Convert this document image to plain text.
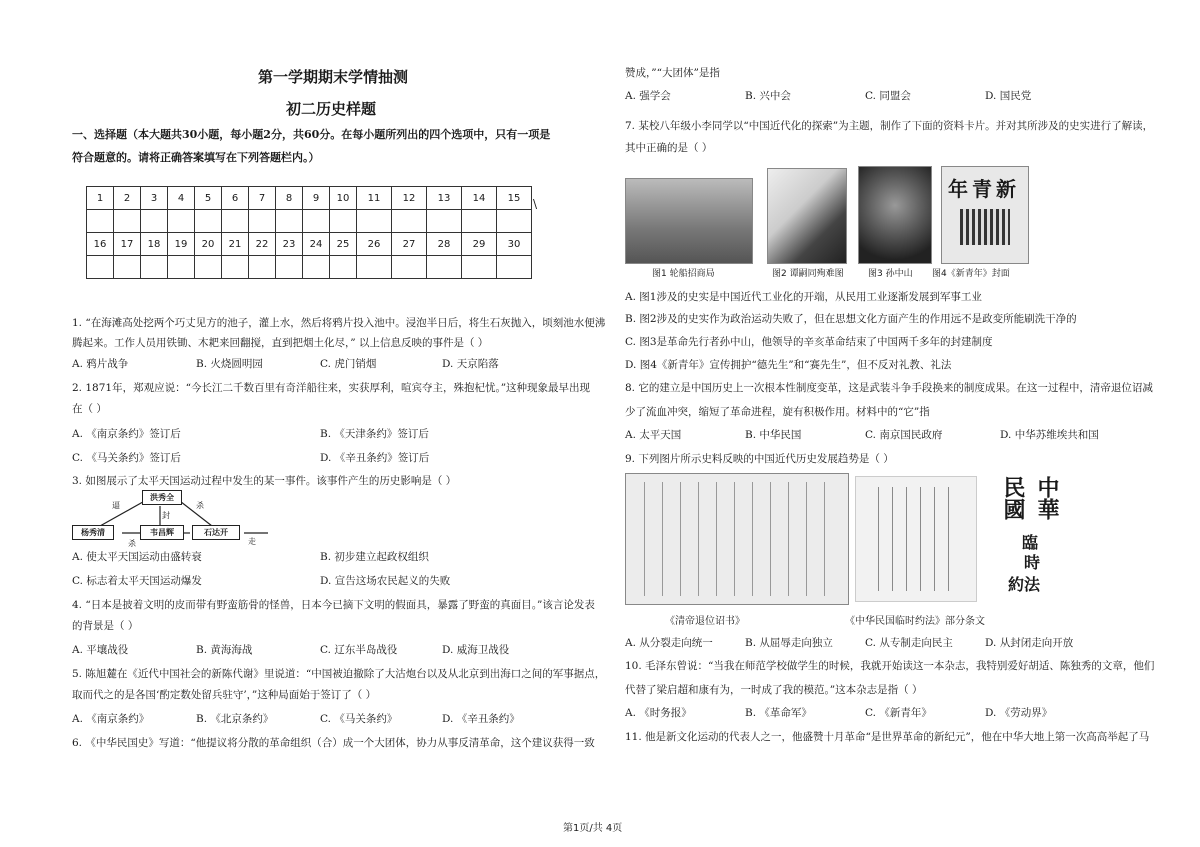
第一学期期末学情抽测
初二历史样题
一、选择题（本大题共30小题，每小题2分，共60分。在每小题所列出的四个选项中，只有一项是
符合题意的。请将正确答案填写在下列答题栏内。）
1	2	3	4	5	6	7	8	9	10	11	12	13	14	15

16	17	18	19	20	21	22	23	24	25	26	27	28	29	30

\
1. “在海滩高处挖两个巧丈见方的池子，灌上水，然后将鸦片投入池中。浸泡半日后，将生石灰抛入，顷刻池水便沸
腾起来。工作人员用铁锄、木耙来回翻搅，直到把烟土化尽，” 以上信息反映的事件是（ ）
A. 鸦片战争	B. 火烧圆明园	C. 虎门销烟	D. 天京陷落
2. 1871年，郑观应说：“今长江二千数百里有奇洋船往来，实获厚利，喧宾夺主，殊抱杞忧。”这种现象最早出现
在（ ）
A. 《南京条约》签订后	B. 《天津条约》签订后
C. 《马关条约》签订后	D. 《辛丑条约》签订后
3. 如图展示了太平天国运动过程中发生的某一事件。该事件产生的历史影响是（ ）
洪秀全
杨秀清	韦昌辉	石达开
逼
封
杀
杀	走
A. 使太平天国运动由盛转衰	B. 初步建立起政权组织
C. 标志着太平天国运动爆发	D. 宣告这场农民起义的失败
4. “日本是披着文明的皮而带有野蛮筋骨的怪兽，日本今已摘下文明的假面具，暴露了野蛮的真面目。”该言论发表
的背景是（ ）
A. 平壤战役	B. 黄海海战	C. 辽东半岛战役	D. 威海卫战役
5. 陈旭麓在《近代中国社会的新陈代谢》里说道：“中国被迫撤除了大沽炮台以及从北京到出海口之间的军事据点，
取而代之的是各国‘酌定数处留兵驻守’，”这种局面始于签订了（ ）
A. 《南京条约》	B. 《北京条约》	C. 《马关条约》	D. 《辛丑条约》
6. 《中华民国史》写道：“他提议将分散的革命组织（合）成一个大团体，协力从事反清革命，这个建议获得一致
赞成，”“大团体”是指
A. 强学会	B. 兴中会	C. 同盟会	D. 国民党
7. 某校八年级小李同学以“中国近代化的探索”为主题，制作了下面的资料卡片。并对其所涉及的史实进行了解读，
其中正确的是（ ）
年青新
图1 轮船招商局	图2 谭嗣同殉难图	图3 孙中山 图4《新青年》封面
A. 图1涉及的史实是中国近代工业化的开端，从民用工业逐渐发展到军事工业
B. 图2涉及的史实作为政治运动失败了，但在思想文化方面产生的作用远不是政变所能刷洗干净的
C. 图3是革命先行者孙中山，他领导的辛亥革命结束了中国两千多年的封建制度
D. 图4《新青年》宣传拥护“德先生”和“赛先生”，但不反对礼教、礼法
8. 它的建立是中国历史上一次根本性制度变革，这是武装斗争手段换来的制度成果。在这一过程中，清帝退位诏减
少了流血冲突，缩短了革命进程，旋有积极作用。材料中的“它”指
A. 太平天国	B. 中华民国	C. 南京国民政府	D. 中华苏维埃共和国
9. 下列图片所示史料反映的中国近代历史发展趋势是（ ）
中華
民國
臨
時
約法
《清帝退位诏书》	《中华民国临时约法》部分条文
A. 从分裂走向统一	B. 从屈辱走向独立	C. 从专制走向民主	D. 从封闭走向开放
10. 毛泽东曾说：“当我在师范学校做学生的时候，我就开始读这一本杂志，我特别爱好胡适、陈独秀的文章，他们
代替了梁启超和康有为，一时成了我的模范。”这本杂志是指（ ）
A. 《时务报》	B. 《革命军》	C. 《新青年》	D. 《劳动界》
11. 他是新文化运动的代表人之一，他盛赞十月革命“是世界革命的新纪元”，他在中华大地上第一次高高举起了马
第1页/共 4页
